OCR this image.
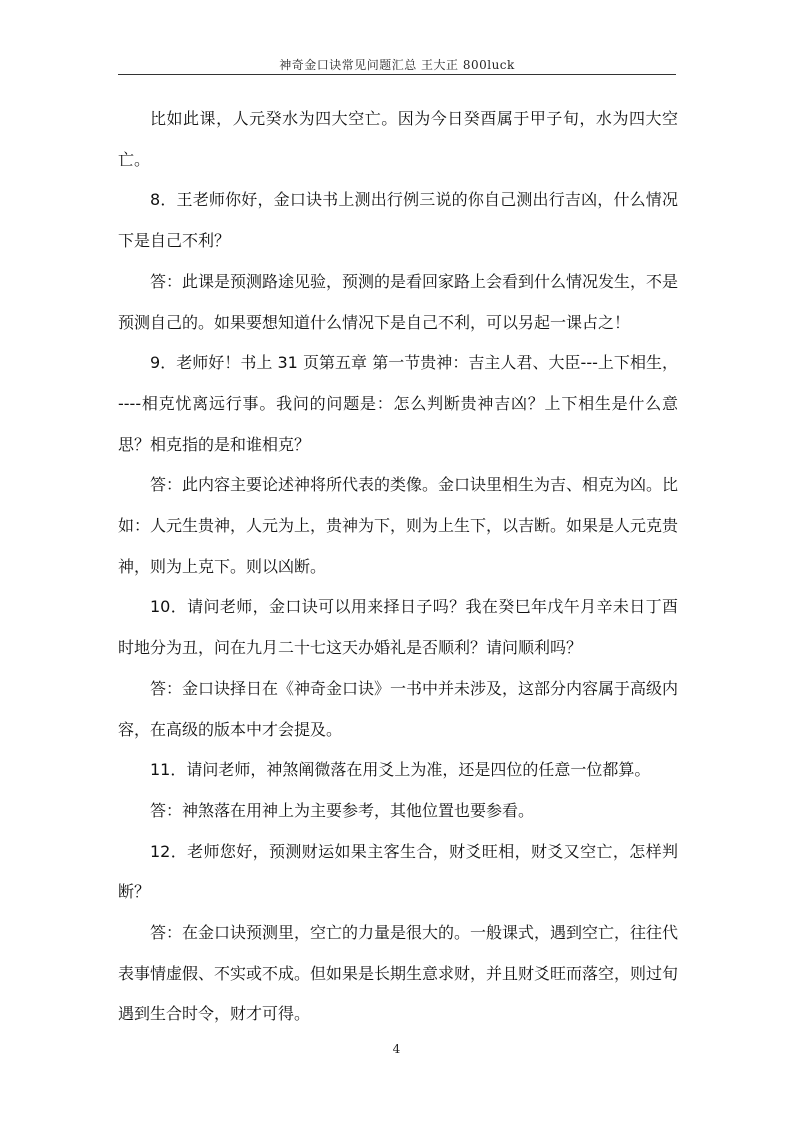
神奇金口诀常见问题汇总 王大正 800luck

比如此课，人元癸水为四大空亡。因为今日癸酉属于甲子旬，水为四大空亡。

8．王老师你好，金口诀书上测出行例三说的你自己测出行吉凶，什么情况下是自己不利？

答：此课是预测路途见验，预测的是看回家路上会看到什么情况发生，不是预测自己的。如果要想知道什么情况下是自己不利，可以另起一课占之！

9．老师好！书上 31 页第五章 第一节贵神：吉主人君、大臣---上下相生，----相克忧离远行事。我问的问题是：怎么判断贵神吉凶？上下相生是什么意思？相克指的是和谁相克？

答：此内容主要论述神将所代表的类像。金口诀里相生为吉、相克为凶。比如：人元生贵神，人元为上，贵神为下，则为上生下，以吉断。如果是人元克贵神，则为上克下。则以凶断。

10．请问老师，金口诀可以用来择日子吗？我在癸巳年戊午月辛未日丁酉时地分为丑，问在九月二十七这天办婚礼是否顺利？请问顺利吗？

答：金口诀择日在《神奇金口诀》一书中并未涉及，这部分内容属于高级内容，在高级的版本中才会提及。

11．请问老师，神煞阐微落在用爻上为准，还是四位的任意一位都算。

答：神煞落在用神上为主要参考，其他位置也要参看。

12．老师您好，预测财运如果主客生合，财爻旺相，财爻又空亡，怎样判断？

答：在金口诀预测里，空亡的力量是很大的。一般课式，遇到空亡，往往代表事情虚假、不实或不成。但如果是长期生意求财，并且财爻旺而落空，则过旬遇到生合时令，财才可得。

4
